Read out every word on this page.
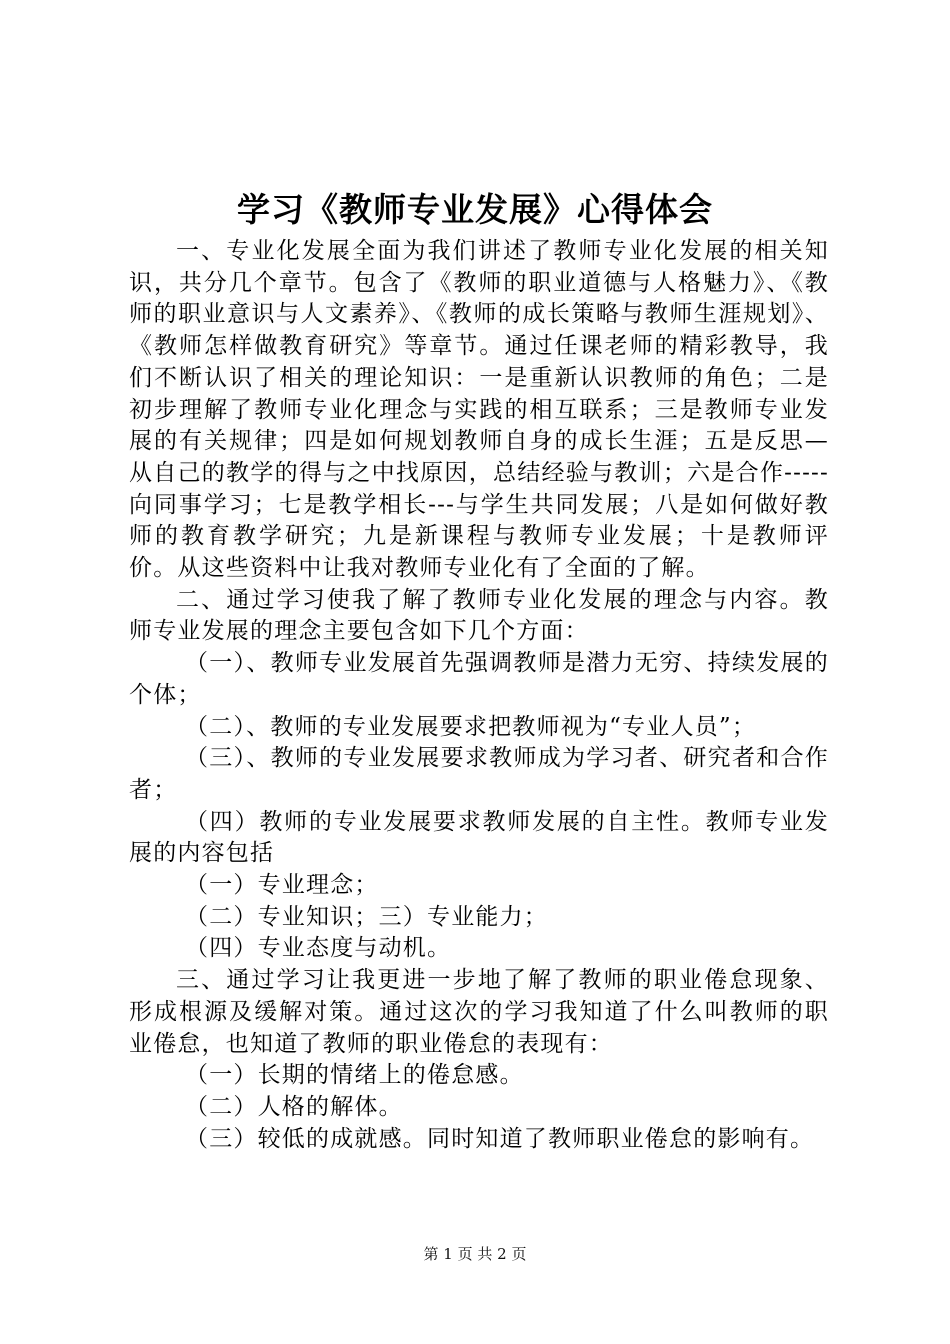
学习《教师专业发展》心得体会

一、专业化发展全面为我们讲述了教师专业化发展的相关知识，共分几个章节。包含了《教师的职业道德与人格魅力》、《教师的职业意识与人文素养》、《教师的成长策略与教师生涯规划》、《教师怎样做教育研究》等章节。通过任课老师的精彩教导，我们不断认识了相关的理论知识：一是重新认识教师的角色；二是初步理解了教师专业化理念与实践的相互联系；三是教师专业发展的有关规律；四是如何规划教师自身的成长生涯；五是反思—从自己的教学的得与之中找原因，总结经验与教训；六是合作-----向同事学习；七是教学相长---与学生共同发展；八是如何做好教师的教育教学研究；九是新课程与教师专业发展；十是教师评价。从这些资料中让我对教师专业化有了全面的了解。

二、通过学习使我了解了教师专业化发展的理念与内容。教师专业发展的理念主要包含如下几个方面：

（一）、教师专业发展首先强调教师是潜力无穷、持续发展的个体；

（二）、教师的专业发展要求把教师视为“专业人员”；

（三）、教师的专业发展要求教师成为学习者、研究者和合作者；

（四）教师的专业发展要求教师发展的自主性。教师专业发展的内容包括

（一）专业理念；

（二）专业知识；三）专业能力；

（四）专业态度与动机。

三、通过学习让我更进一步地了解了教师的职业倦怠现象、形成根源及缓解对策。通过这次的学习我知道了什么叫教师的职业倦怠，也知道了教师的职业倦怠的表现有：

（一）长期的情绪上的倦怠感。

（二）人格的解体。

（三）较低的成就感。同时知道了教师职业倦怠的影响有。

第 1 页 共 2 页
